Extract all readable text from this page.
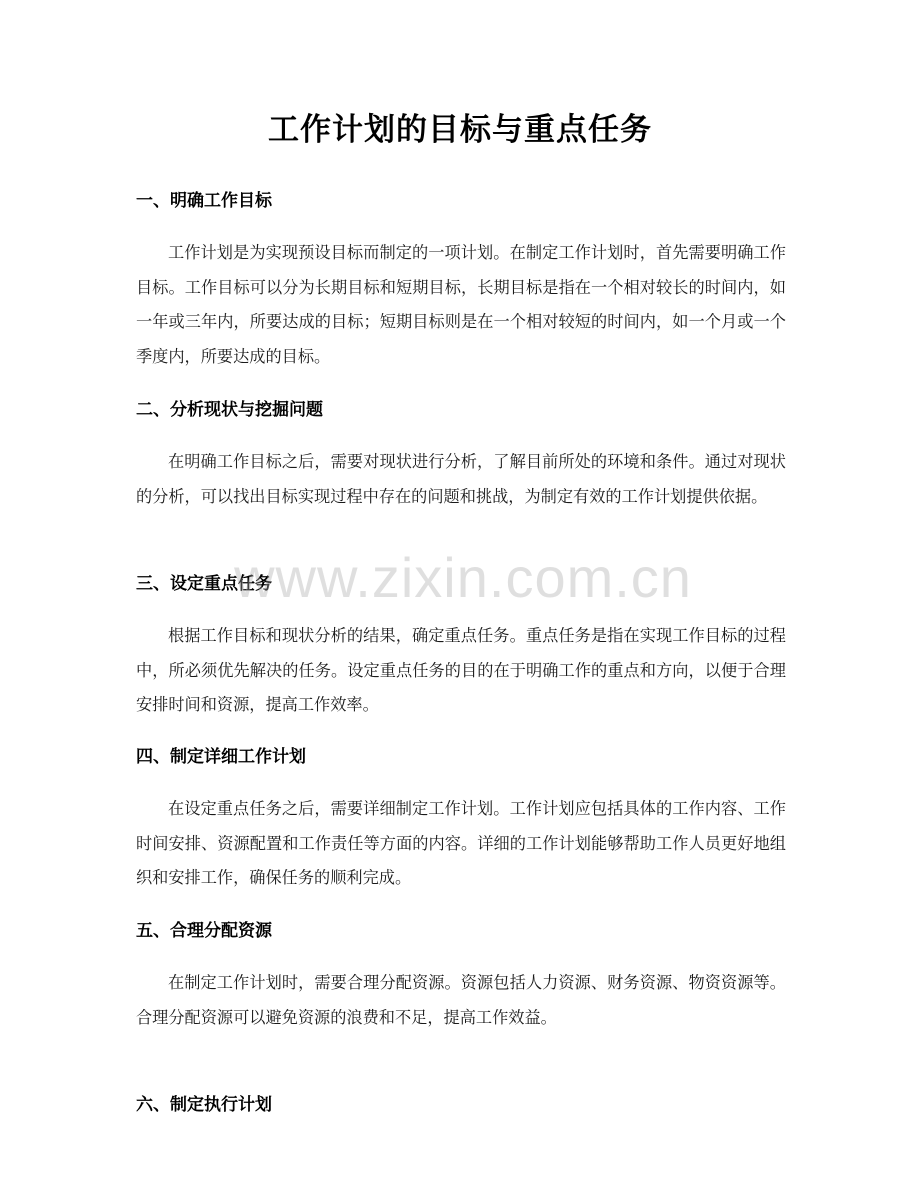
工作计划的目标与重点任务
一、明确工作目标

工作计划是为实现预设目标而制定的一项计划。在制定工作计划时，首先需要明确工作目标。工作目标可以分为长期目标和短期目标，长期目标是指在一个相对较长的时间内，如一年或三年内，所要达成的目标；短期目标则是在一个相对较短的时间内，如一个月或一个季度内，所要达成的目标。

二、分析现状与挖掘问题

在明确工作目标之后，需要对现状进行分析，了解目前所处的环境和条件。通过对现状的分析，可以找出目标实现过程中存在的问题和挑战，为制定有效的工作计划提供依据。

三、设定重点任务

根据工作目标和现状分析的结果，确定重点任务。重点任务是指在实现工作目标的过程中，所必须优先解决的任务。设定重点任务的目的在于明确工作的重点和方向，以便于合理安排时间和资源，提高工作效率。

四、制定详细工作计划

在设定重点任务之后，需要详细制定工作计划。工作计划应包括具体的工作内容、工作时间安排、资源配置和工作责任等方面的内容。详细的工作计划能够帮助工作人员更好地组织和安排工作，确保任务的顺利完成。

五、合理分配资源

在制定工作计划时，需要合理分配资源。资源包括人力资源、财务资源、物资资源等。合理分配资源可以避免资源的浪费和不足，提高工作效益。

六、制定执行计划
www.zixin.com.cn
